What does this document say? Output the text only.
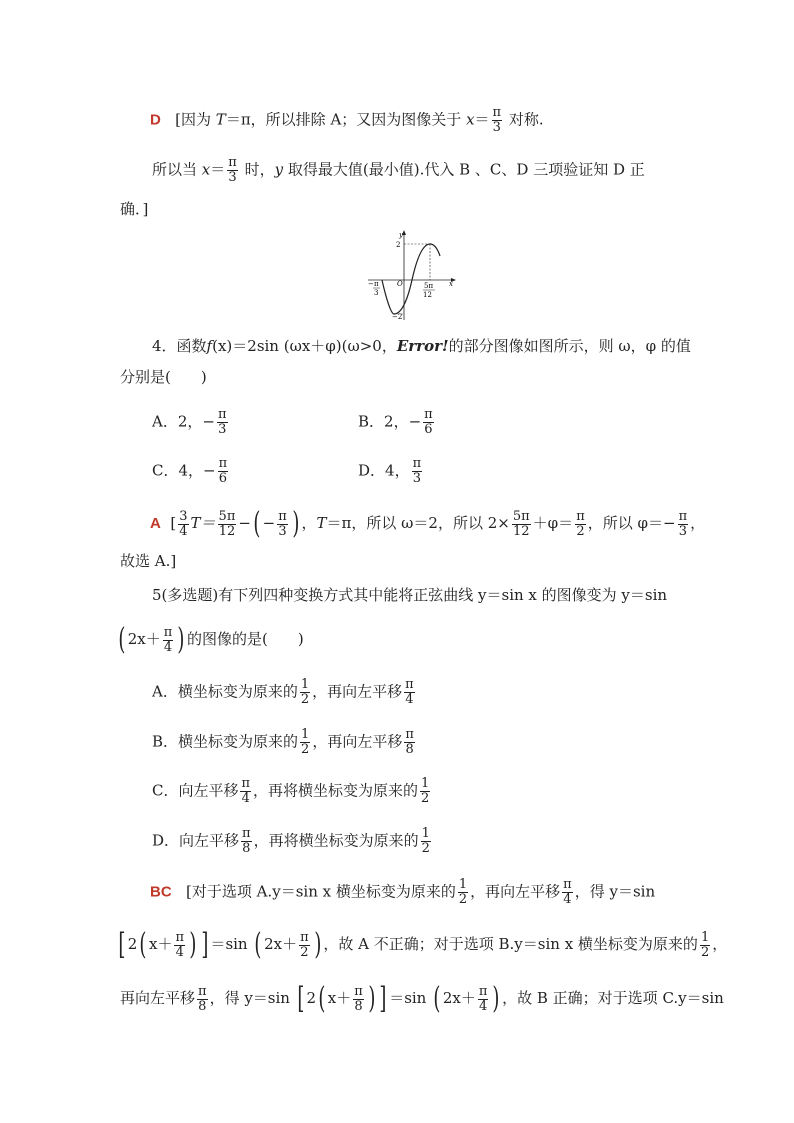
D [因为 T＝π，所以排除 A；又因为图像关于 $x= \frac{\pi}{3}$ 对称.
所以当 $x= \frac{\pi}{3}$ 时，y 取得最大值(最小值).代入 B 、C、D 三项验证知 D 正
确．]
y
x
2
−2
O
− π
3
5π
12
4．函数f(x)＝2sin (ωx＋φ)(ω>0，Error!的部分图像如图所示，则 ω，φ 的值
分别是(　　)
A．2，− $\frac{\pi}{3}$	B．2，− $\frac{\pi}{6}$
C．4，− $\frac{\pi}{6}$	D．4， $\frac{\pi}{3}$
A [ $\frac{3}{4} T= \frac{5\pi}{12}$ −( − $\frac{\pi}{3}$ ) ，T＝π，所以 ω＝2，所以 $2\times \frac{5\pi}{12} +\varphi= \frac{\pi}{2}$ ，所以 $\varphi=- \frac{\pi}{3}$ ，
故选 A.]
5(多选题)有下列四种变换方式其中能将正弦曲线 y＝sin x 的图像变为 y＝sin
( $2x+ \frac{\pi}{4}$ ) 的图像的是(　　)
A．横坐标变为原来的 $\frac{1}{2}$ ，再向左平移 $\frac{\pi}{4}$
B．横坐标变为原来的 $\frac{1}{2}$ ，再向左平移 $\frac{\pi}{8}$
C．向左平移 $\frac{\pi}{4}$ ，再将横坐标变为原来的 $\frac{1}{2}$
D．向左平移 $\frac{\pi}{8}$ ，再将横坐标变为原来的 $\frac{1}{2}$
BC [对于选项 A.y＝sin x 横坐标变为原来的 $\frac{1}{2}$ ，再向左平移 $\frac{\pi}{4}$ ，得 y＝sin
[ 2( $x+ \frac{\pi}{4}$ ) ] ＝sin ( $2x+ \frac{\pi}{2}$ ) ，故 A 不正确；对于选项 B.y＝sin x 横坐标变为原来的 $\frac{1}{2}$ ，
再向左平移 $\frac{\pi}{8}$ ，得 y＝sin [ 2( $x+ \frac{\pi}{8}$ ) ] ＝sin ( $2x+ \frac{\pi}{4}$ ) ，故 B 正确；对于选项 C.y＝sin
